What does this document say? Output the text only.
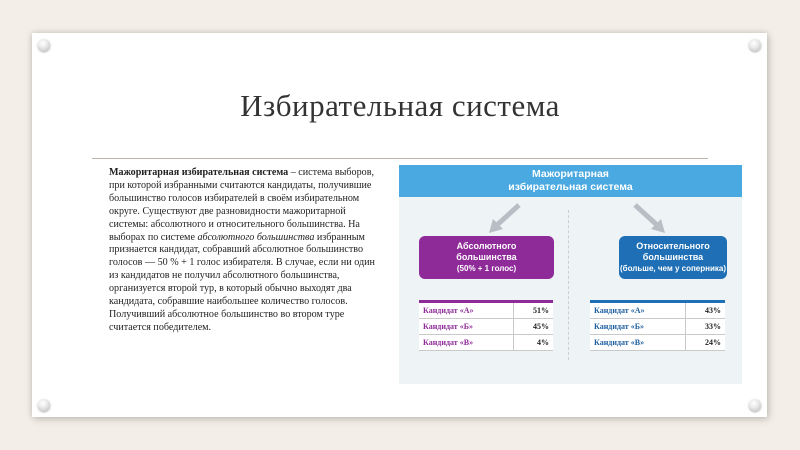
Избирательная система
Мажоритарная избирательная система – система выборов, при которой избранными считаются кандидаты, получившие большинство голосов избирателей в своём избирательном округе. Существуют две разновидности мажоритарной системы: абсолютного и относительного большинства. На выборах по системе абсолютного большинства избранным признается кандидат, собравший абсолютное большинство голосов — 50 % + 1 голос избирателя. В случае, если ни один из кандидатов не получил абсолютного большинства, организуется второй тур, в который обычно выходят два кандидата, собравшие наибольшее количество голосов. Получивший абсолютное большинство во втором туре считается победителем.
Мажоритарная
избирательная система
Абсолютного
большинства
(50% + 1 голос)
Относительного
большинства
(больше, чем у соперника)
Кандидат «А»	51%
Кандидат «Б»	45%
Кандидат «В»	4%
Кандидат «А»	43%
Кандидат «Б»	33%
Кандидат «В»	24%
